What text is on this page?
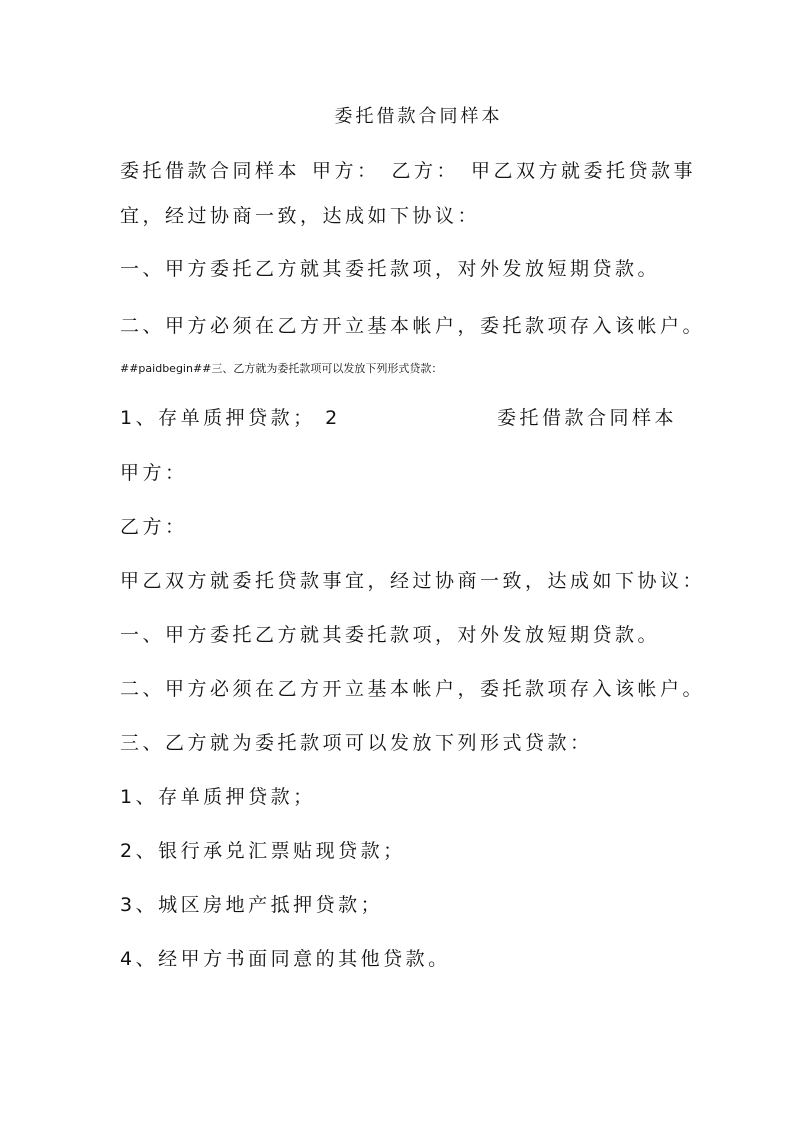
委托借款合同样本
委托借款合同样本 甲方： 乙方： 甲乙双方就委托贷款事
宜，经过协商一致，达成如下协议：
一、甲方委托乙方就其委托款项，对外发放短期贷款。
二、甲方必须在乙方开立基本帐户，委托款项存入该帐户。
##paidbegin##三、乙方就为委托款项可以发放下列形式贷款：
1、存单质押贷款； 2	委托借款合同样本
甲方：
乙方：
甲乙双方就委托贷款事宜，经过协商一致，达成如下协议：
一、甲方委托乙方就其委托款项，对外发放短期贷款。
二、甲方必须在乙方开立基本帐户，委托款项存入该帐户。
三、乙方就为委托款项可以发放下列形式贷款：
1、存单质押贷款；
2、银行承兑汇票贴现贷款；
3、城区房地产抵押贷款；
4、经甲方书面同意的其他贷款。
